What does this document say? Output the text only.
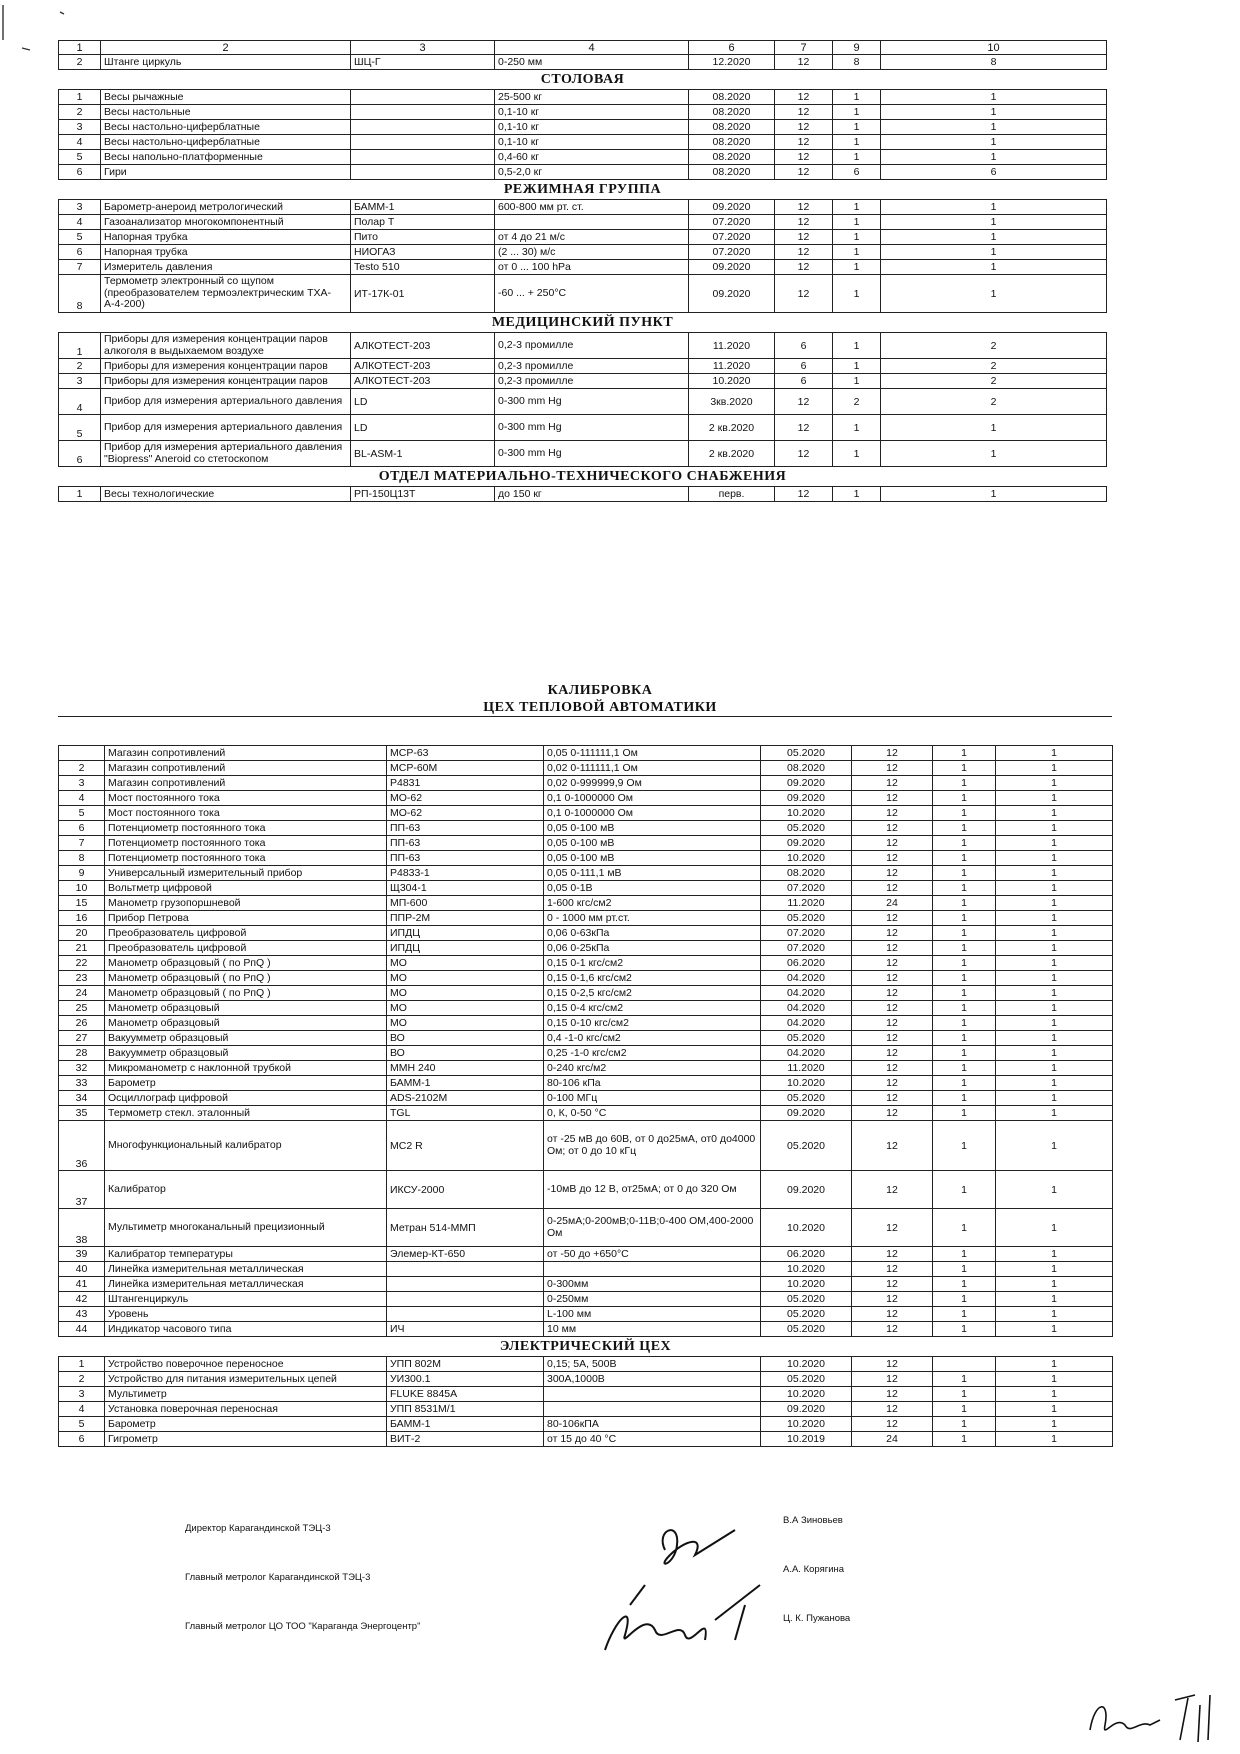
1	2	3	4	6	7	9	10
2	Штанге циркуль	ШЦ-Г	0-250 мм	12.2020	12	8	8
СТОЛОВАЯ							
1	Весы рычажные		25-500 кг	08.2020	12	1	1
2	Весы настольные		0,1-10 кг	08.2020	12	1	1
3	Весы настольно-циферблатные		0,1-10 кг	08.2020	12	1	1
4	Весы настольно-циферблатные		0,1-10 кг	08.2020	12	1	1
5	Весы напольно-платформенные		0,4-60 кг	08.2020	12	1	1
6	Гири		0,5-2,0 кг	08.2020	12	6	6
РЕЖИМНАЯ ГРУППА							
3	Барометр-анероид метрологический	БАММ-1	600-800 мм рт. ст.	09.2020	12	1	1
4	Газоанализатор многокомпонентный	Полар Т		07.2020	12	1	1
5	Напорная трубка	Пито	от 4 до 21 м/с	07.2020	12	1	1
6	Напорная трубка	НИОГАЗ	(2 ... 30) м/с	07.2020	12	1	1
7	Измеритель давления	Testo 510	от 0 ... 100 hPa	09.2020	12	1	1
8	Термометр электронный со щупом (преобразователем термоэлектрическим ТХА-А-4-200)	ИТ-17К-01	-60 ... + 250°С	09.2020	12	1	1
МЕДИЦИНСКИЙ ПУНКТ							
1	Приборы для измерения концентрации паров алкоголя в выдыхаемом воздухе	АЛКОТЕСТ-203	0,2-3 промилле	11.2020	6	1	2
2	Приборы для измерения концентрации паров	АЛКОТЕСТ-203	0,2-3 промилле	11.2020	6	1	2
3	Приборы для измерения концентрации паров	АЛКОТЕСТ-203	0,2-3 промилле	10.2020	6	1	2
4	Прибор для измерения артериального давления	LD	0-300 mm Hg	3кв.2020	12	2	2
5	Прибор для измерения артериального давления	LD	0-300 mm Hg	2 кв.2020	12	1	1
6	Прибор для измерения артериального давления "Biopress" Aneroid со стетоскопом	BL-ASM-1	0-300 mm Hg	2 кв.2020	12	1	1
ОТДЕЛ МАТЕРИАЛЬНО-ТЕХНИЧЕСКОГО СНАБЖЕНИЯ							
1	Весы технологические	РП-150Ц13Т	до 150 кг	перв.	12	1	1
КАЛИБРОВКА
ЦЕХ ТЕПЛОВОЙ АВТОМАТИКИ
	Магазин сопротивлений	МСР-63	0,05 0-111111,1 Ом	05.2020	12	1	1
2	Магазин сопротивлений	МСР-60М	0,02 0-111111,1 Ом	08.2020	12	1	1
3	Магазин сопротивлений	Р4831	0,02 0-999999,9 Ом	09.2020	12	1	1
4	Мост постоянного тока	МО-62	0,1 0-1000000 Ом	09.2020	12	1	1
5	Мост постоянного тока	МО-62	0,1 0-1000000 Ом	10.2020	12	1	1
6	Потенциометр постоянного тока	ПП-63	0,05 0-100 мВ	05.2020	12	1	1
7	Потенциометр постоянного тока	ПП-63	0,05 0-100 мВ	09.2020	12	1	1
8	Потенциометр постоянного тока	ПП-63	0,05 0-100 мВ	10.2020	12	1	1
9	Универсальный измерительный прибор	Р4833-1	0,05 0-111,1 мВ	08.2020	12	1	1
10	Вольтметр цифровой	Щ304-1	0,05 0-1В	07.2020	12	1	1
15	Манометр грузопоршневой	МП-600	1-600 кгс/см2	11.2020	24	1	1
16	Прибор Петрова	ППР-2М	0 - 1000 мм рт.ст.	05.2020	12	1	1
20	Преобразователь цифровой	ИПДЦ	0,06 0-63кПа	07.2020	12	1	1
21	Преобразователь цифровой	ИПДЦ	0,06 0-25кПа	07.2020	12	1	1
22	Манометр образцовый ( по РпQ )	МО	0,15 0-1 кгс/см2	06.2020	12	1	1
23	Манометр образцовый ( по РпQ )	МО	0,15 0-1,6 кгс/см2	04.2020	12	1	1
24	Манометр образцовый ( по РпQ )	МО	0,15 0-2,5 кгс/см2	04.2020	12	1	1
25	Манометр образцовый	МО	0,15 0-4 кгс/см2	04.2020	12	1	1
26	Манометр образцовый	МО	0,15 0-10 кгс/см2	04.2020	12	1	1
27	Вакуумметр образцовый	ВО	0,4 -1-0 кгс/см2	05.2020	12	1	1
28	Вакуумметр образцовый	ВО	0,25 -1-0 кгс/см2	04.2020	12	1	1
32	Микроманометр с наклонной трубкой	ММН 240	0-240 кгс/м2	11.2020	12	1	1
33	Барометр	БАММ-1	80-106 кПа	10.2020	12	1	1
34	Осциллограф цифровой	ADS-2102M	0-100 МГц	05.2020	12	1	1
35	Термометр стекл. эталонный	TGL	0, К, 0-50 °С	09.2020	12	1	1
36	Многофункциональный калибратор	МС2 R	от -25 мВ до 60В, от 0 до25мА, от0 до4000 Ом; от 0 до 10 кГц	05.2020	12	1	1
37	Калибратор	ИКСУ-2000	-10мВ до 12 В, от25мА; от 0 до 320 Ом	09.2020	12	1	1
38	Мультиметр многоканальный прецизионный	Метран 514-ММП	0-25мА;0-200мВ;0-11В;0-400 ОМ,400-2000 Ом	10.2020	12	1	1
39	Калибратор температуры	Элемер-КТ-650	от -50 до +650°С	06.2020	12	1	1
40	Линейка измерительная металлическая			10.2020	12	1	1
41	Линейка измерительная металлическая		0-300мм	10.2020	12	1	1
42	Штангенциркуль		0-250мм	05.2020	12	1	1
43	Уровень		L-100 мм	05.2020	12	1	1
44	Индикатор часового типа	ИЧ	10 мм	05.2020	12	1	1
ЭЛЕКТРИЧЕСКИЙ ЦЕХ							
1	Устройство поверочное переносное	УПП 802М	0,15; 5А, 500В	10.2020	12		1
2	Устройство для питания измерительных цепей	УИ300.1	300А,1000В	05.2020	12	1	1
3	Мультиметр	FLUKE 8845A		10.2020	12	1	1
4	Установка поверочная переносная	УПП 8531М/1		09.2020	12	1	1
5	Барометр	БАММ-1	80-106кПА	10.2020	12	1	1
6	Гигрометр	ВИТ-2	от 15 до 40 °С	10.2019	24	1	1
Директор Карагандинской ТЭЦ-3
В.А Зиновьев
Главный метролог Карагандинской ТЭЦ-3
А.А. Корягина
Главный метролог ЦО ТОО "Караганда Энергоцентр"
Ц. К. Пужанова
